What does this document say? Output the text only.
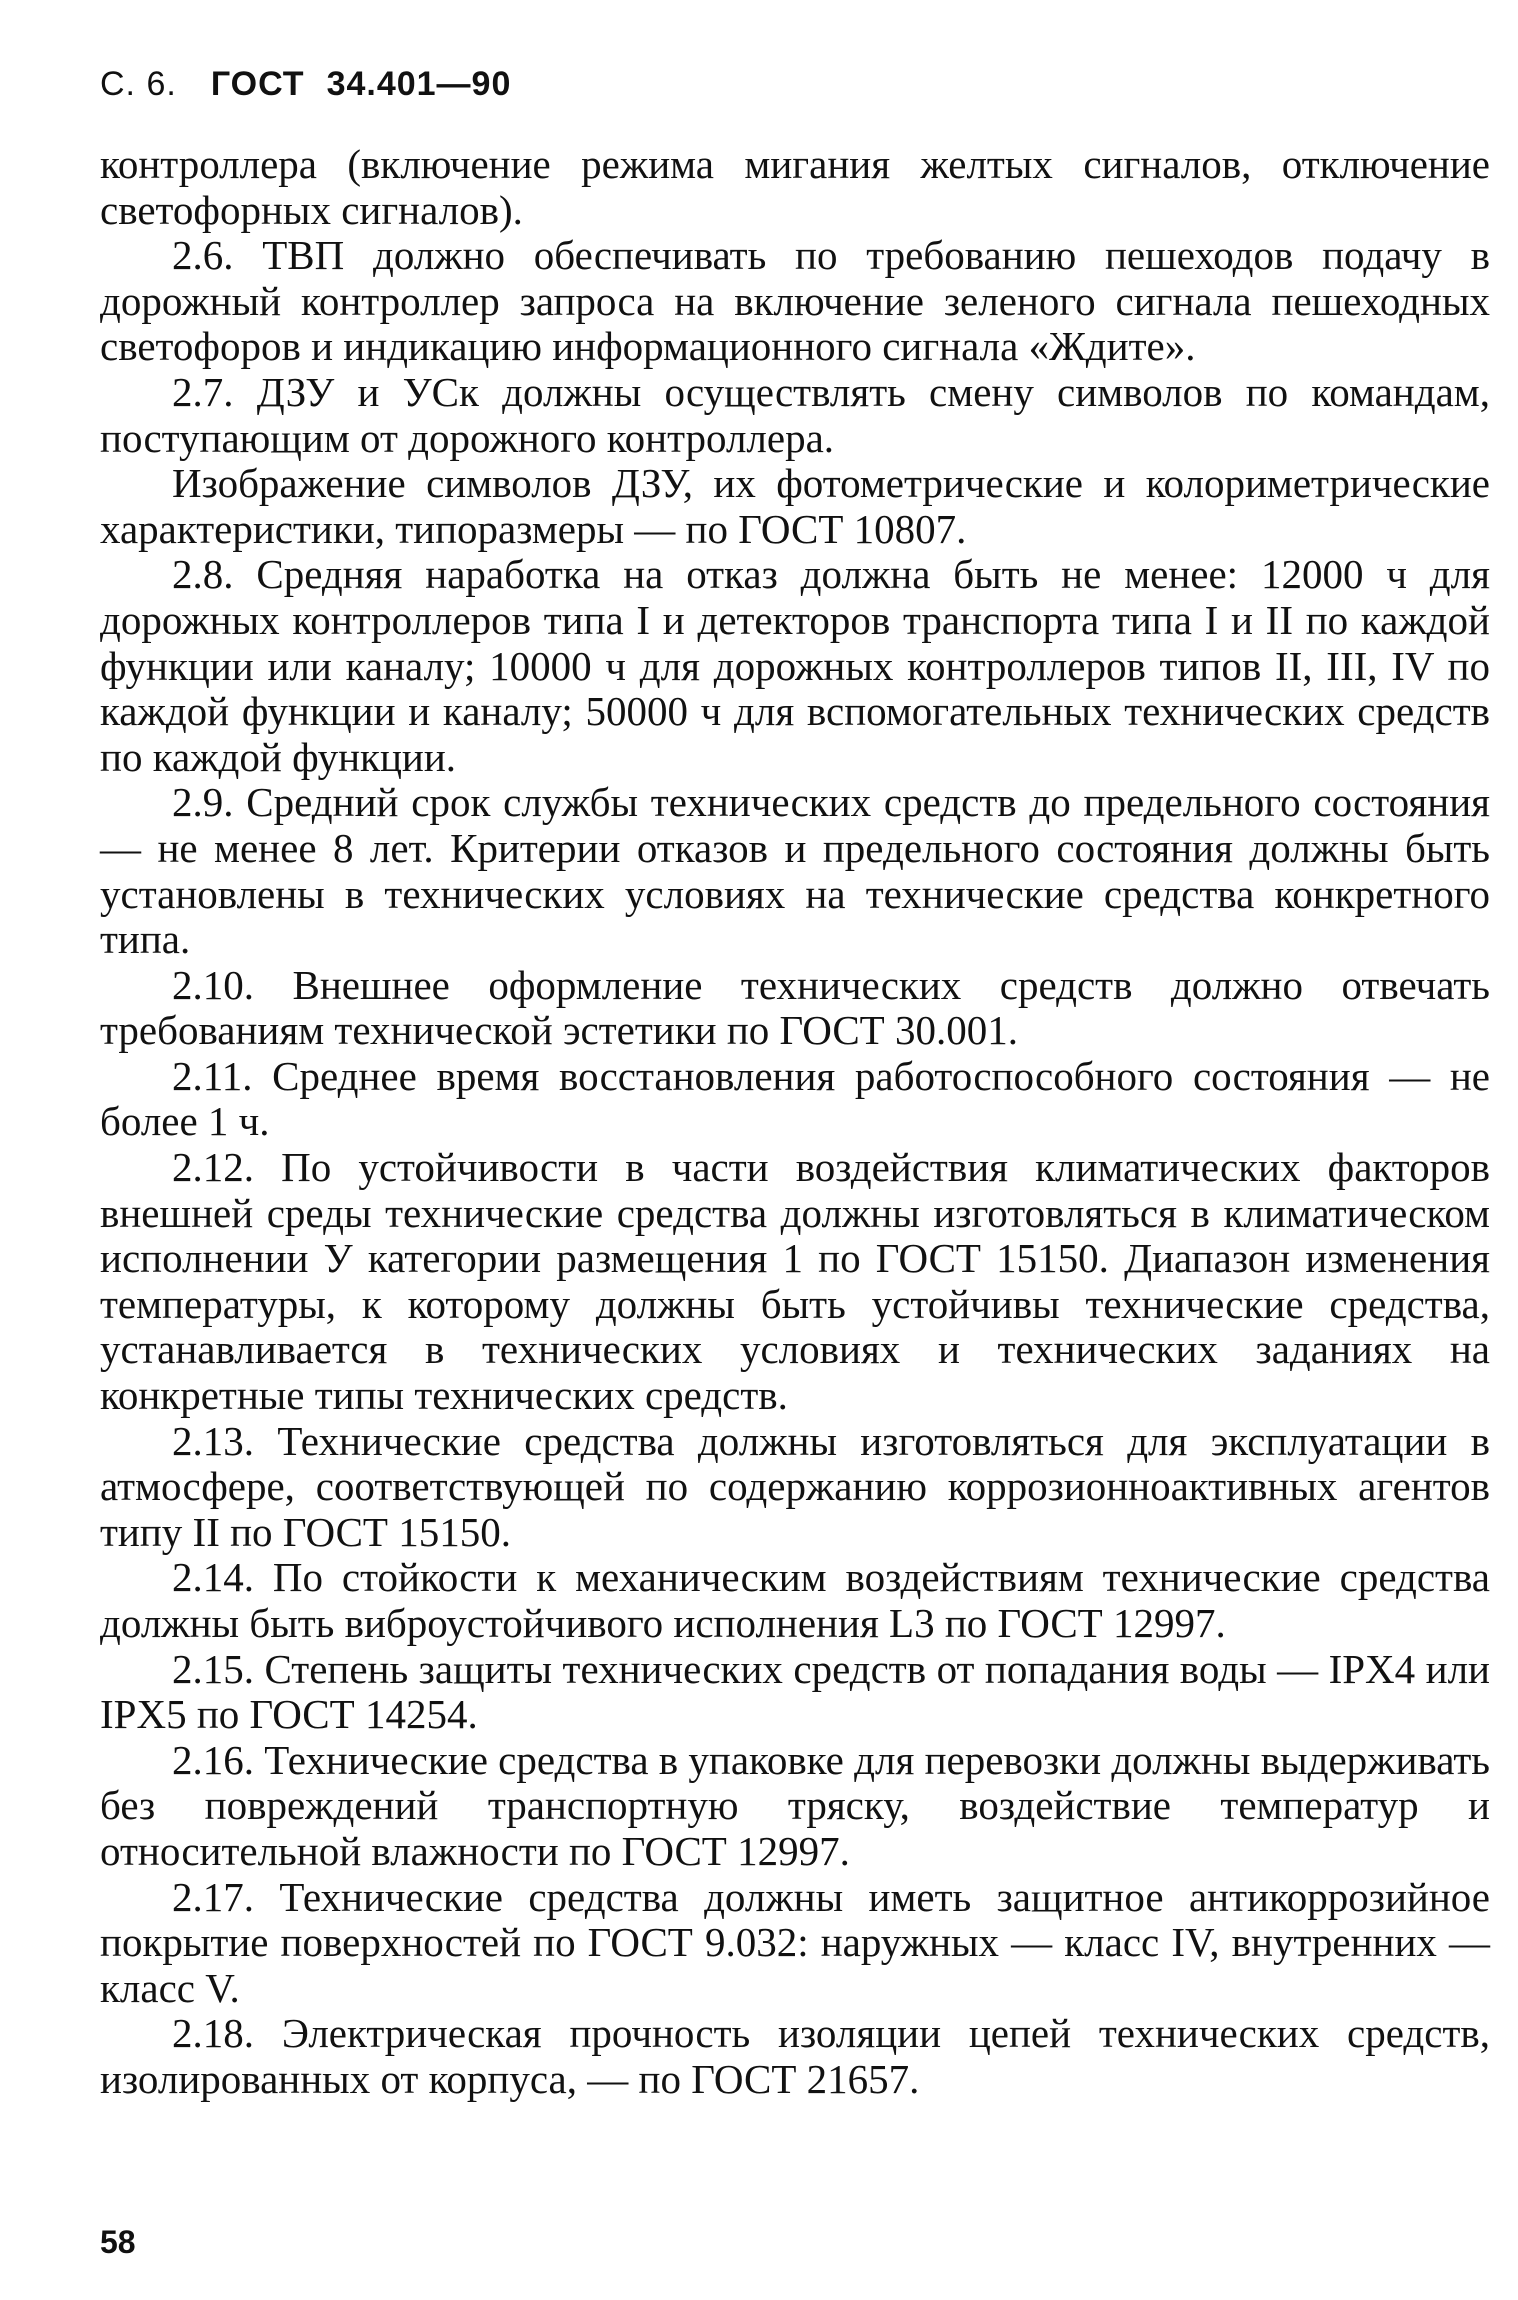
С. 6. ГОСТ 34.401—90

контроллера (включение режима мигания желтых сигналов, отключение светофорных сигналов).

2.6. ТВП должно обеспечивать по требованию пешеходов подачу в дорожный контроллер запроса на включение зеленого сигнала пешеходных светофоров и индикацию информационного сигнала «Ждите».

2.7. ДЗУ и УСк должны осуществлять смену символов по командам, поступающим от дорожного контроллера.

Изображение символов ДЗУ, их фотометрические и колориметрические характеристики, типоразмеры — по ГОСТ 10807.

2.8. Средняя наработка на отказ должна быть не менее: 12000 ч для дорожных контроллеров типа I и детекторов транспорта типа I и II по каждой функции или каналу; 10000 ч для дорожных контроллеров типов II, III, IV по каждой функции и каналу; 50000 ч для вспомогательных технических средств по каждой функции.

2.9. Средний срок службы технических средств до предельного состояния — не менее 8 лет. Критерии отказов и предельного состояния должны быть установлены в технических условиях на технические средства конкретного типа.

2.10. Внешнее оформление технических средств должно отвечать требованиям технической эстетики по ГОСТ 30.001.

2.11. Среднее время восстановления работоспособного состояния — не более 1 ч.

2.12. По устойчивости в части воздействия климатических факторов внешней среды технические средства должны изготовляться в климатическом исполнении У категории размещения 1 по ГОСТ 15150. Диапазон изменения температуры, к которому должны быть устойчивы технические средства, устанавливается в технических условиях и технических заданиях на конкретные типы технических средств.

2.13. Технические средства должны изготовляться для эксплуатации в атмосфере, соответствующей по содержанию коррозионноактивных агентов типу II по ГОСТ 15150.

2.14. По стойкости к механическим воздействиям технические средства должны быть виброустойчивого исполнения L3 по ГОСТ 12997.

2.15. Степень защиты технических средств от попадания воды — IPX4 или IPX5 по ГОСТ 14254.

2.16. Технические средства в упаковке для перевозки должны выдерживать без повреждений транспортную тряску, воздействие температур и относительной влажности по ГОСТ 12997.

2.17. Технические средства должны иметь защитное антикоррозийное покрытие поверхностей по ГОСТ 9.032: наружных — класс IV, внутренних — класс V.

2.18. Электрическая прочность изоляции цепей технических средств, изолированных от корпуса, — по ГОСТ 21657.

58
